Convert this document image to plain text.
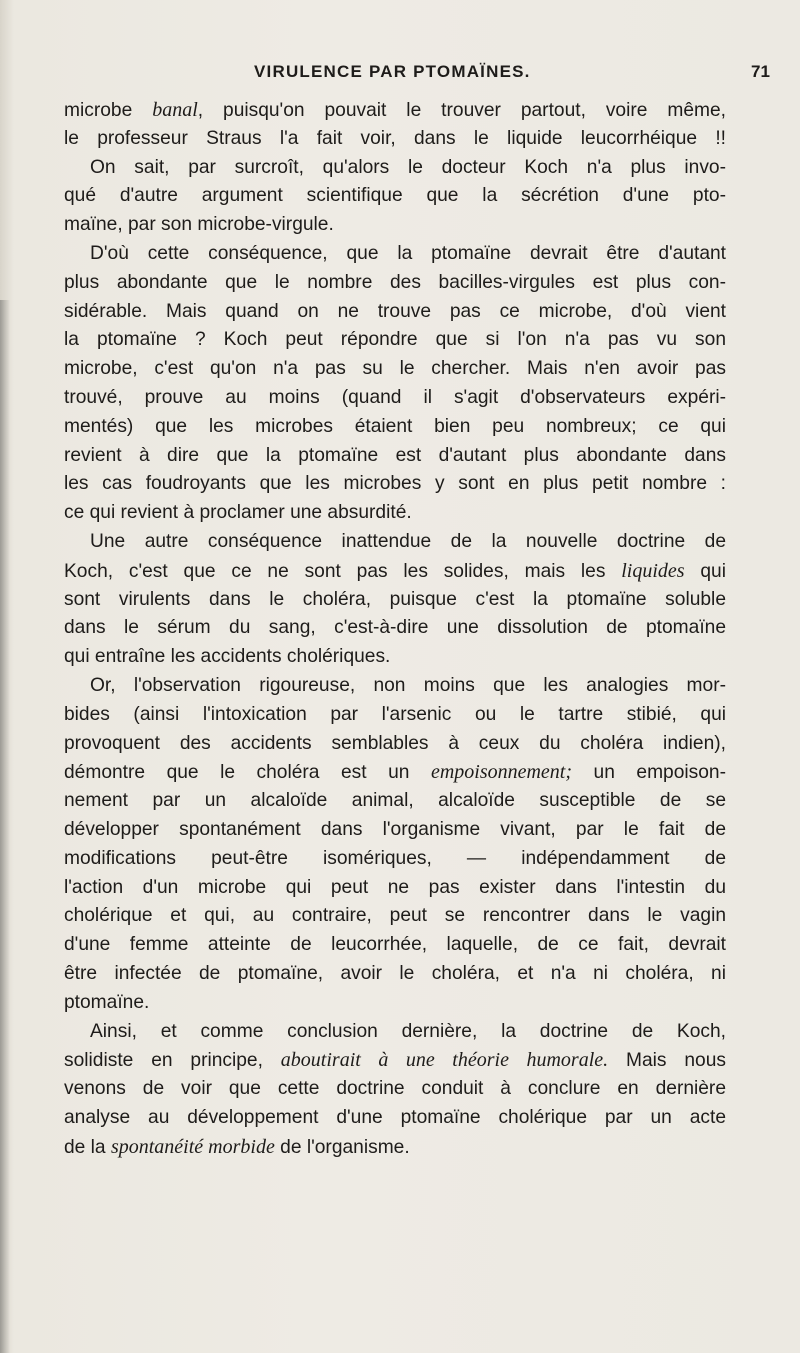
VIRULENCE PAR PTOMAÏNES.	71
microbe banal, puisqu'on pouvait le trouver partout, voire même,
le professeur Straus l'a fait voir, dans le liquide leucorrhéique !!
On sait, par surcroît, qu'alors le docteur Koch n'a plus invo-
qué d'autre argument scientifique que la sécrétion d'une pto-
maïne, par son microbe-virgule.
D'où cette conséquence, que la ptomaïne devrait être d'autant
plus abondante que le nombre des bacilles-virgules est plus con-
sidérable. Mais quand on ne trouve pas ce microbe, d'où vient
la ptomaïne ? Koch peut répondre que si l'on n'a pas vu son
microbe, c'est qu'on n'a pas su le chercher. Mais n'en avoir pas
trouvé, prouve au moins (quand il s'agit d'observateurs expéri-
mentés) que les microbes étaient bien peu nombreux; ce qui
revient à dire que la ptomaïne est d'autant plus abondante dans
les cas foudroyants que les microbes y sont en plus petit nombre :
ce qui revient à proclamer une absurdité.
Une autre conséquence inattendue de la nouvelle doctrine de
Koch, c'est que ce ne sont pas les solides, mais les liquides qui
sont virulents dans le choléra, puisque c'est la ptomaïne soluble
dans le sérum du sang, c'est-à-dire une dissolution de ptomaïne
qui entraîne les accidents cholériques.
Or, l'observation rigoureuse, non moins que les analogies mor-
bides (ainsi l'intoxication par l'arsenic ou le tartre stibié, qui
provoquent des accidents semblables à ceux du choléra indien),
démontre que le choléra est un empoisonnement; un empoison-
nement par un alcaloïde animal, alcaloïde susceptible de se
développer spontanément dans l'organisme vivant, par le fait de
modifications peut-être isomériques, — indépendamment de
l'action d'un microbe qui peut ne pas exister dans l'intestin du
cholérique et qui, au contraire, peut se rencontrer dans le vagin
d'une femme atteinte de leucorrhée, laquelle, de ce fait, devrait
être infectée de ptomaïne, avoir le choléra, et n'a ni choléra, ni
ptomaïne.
Ainsi, et comme conclusion dernière, la doctrine de Koch,
solidiste en principe, aboutirait à une théorie humorale. Mais nous
venons de voir que cette doctrine conduit à conclure en dernière
analyse au développement d'une ptomaïne cholérique par un acte
de la spontanéité morbide de l'organisme.
